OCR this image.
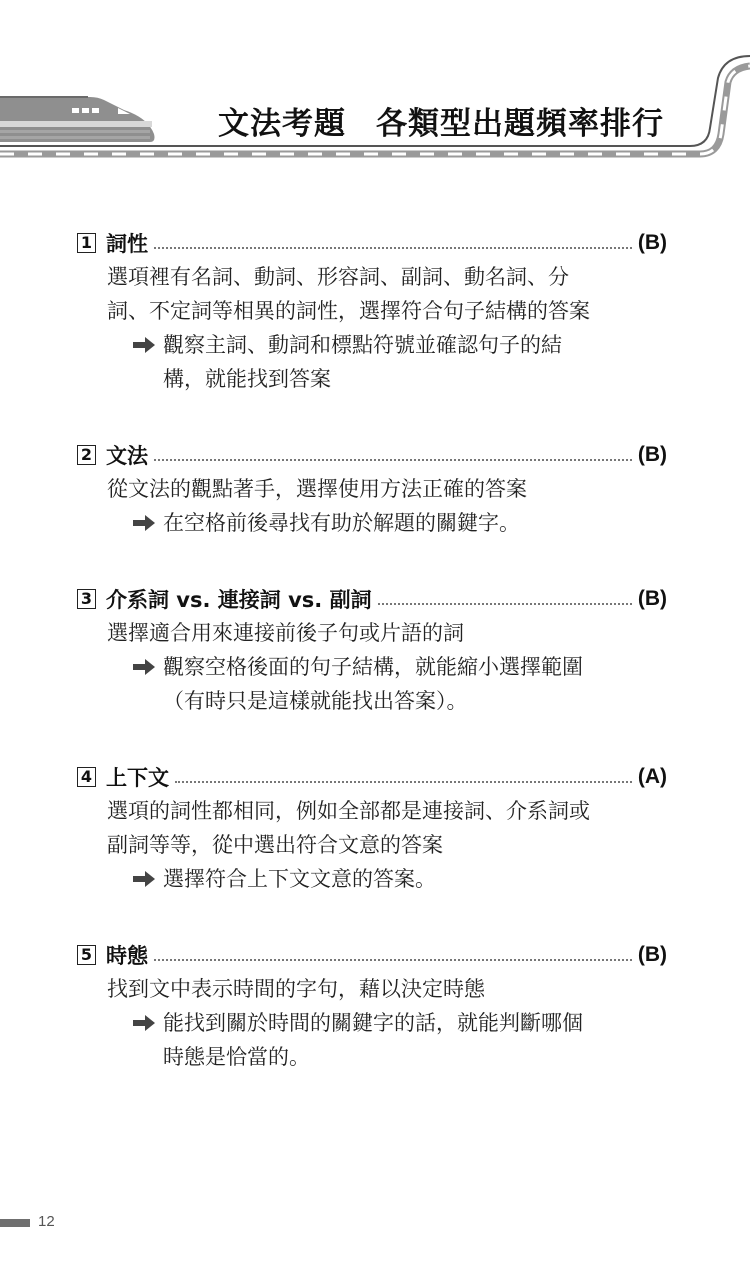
文法考題 各類型出題頻率排行
1 詞性	(B)
選項裡有名詞、動詞、形容詞、副詞、動名詞、分
詞、不定詞等相異的詞性，選擇符合句子結構的答案
觀察主詞、動詞和標點符號並確認句子的結
構，就能找到答案
2 文法	(B)
從文法的觀點著手，選擇使用方法正確的答案
在空格前後尋找有助於解題的關鍵字。
3 介系詞 vs. 連接詞 vs. 副詞	(B)
選擇適合用來連接前後子句或片語的詞
觀察空格後面的句子結構，就能縮小選擇範圍
（有時只是這樣就能找出答案）。
4 上下文	(A)
選項的詞性都相同，例如全部都是連接詞、介系詞或
副詞等等，從中選出符合文意的答案
選擇符合上下文文意的答案。
5 時態	(B)
找到文中表示時間的字句，藉以決定時態
能找到關於時間的關鍵字的話，就能判斷哪個
時態是恰當的。
12
